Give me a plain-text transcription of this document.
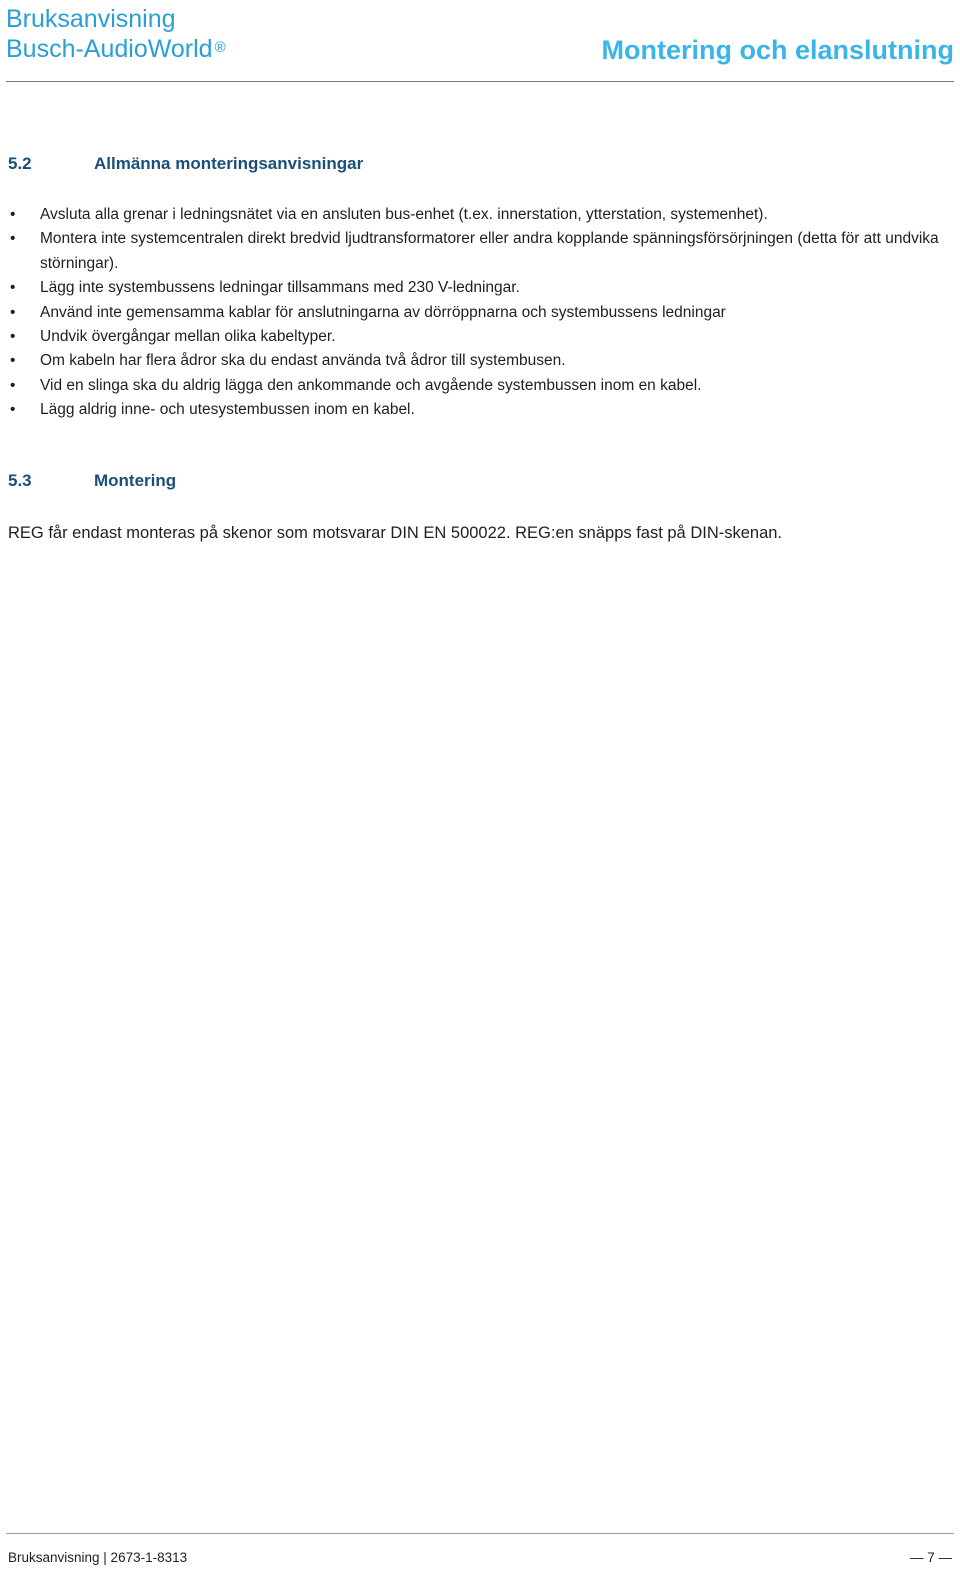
Bruksanvisning
Busch-AudioWorld ®	Montering och elanslutning
5.2	Allmänna monteringsanvisningar
• Avsluta alla grenar i ledningsnätet via en ansluten bus-enhet (t.ex. innerstation, ytterstation, systemenhet).
• Montera inte systemcentralen direkt bredvid ljudtransformatorer eller andra kopplande spänningsförsörjningen (detta för att undvika störningar).
• Lägg inte systembussens ledningar tillsammans med 230 V-ledningar.
• Använd inte gemensamma kablar för anslutningarna av dörröppnarna och systembussens ledningar
• Undvik övergångar mellan olika kabeltyper.
• Om kabeln har flera ådror ska du endast använda två ådror till systembusen.
• Vid en slinga ska du aldrig lägga den ankommande och avgående systembussen inom en kabel.
• Lägg aldrig inne- och utesystembussen inom en kabel.
5.3	Montering
REG får endast monteras på skenor som motsvarar DIN EN 500022. REG:en snäpps fast på DIN-skenan.
Bruksanvisning | 2673-1-8313	— 7 —
